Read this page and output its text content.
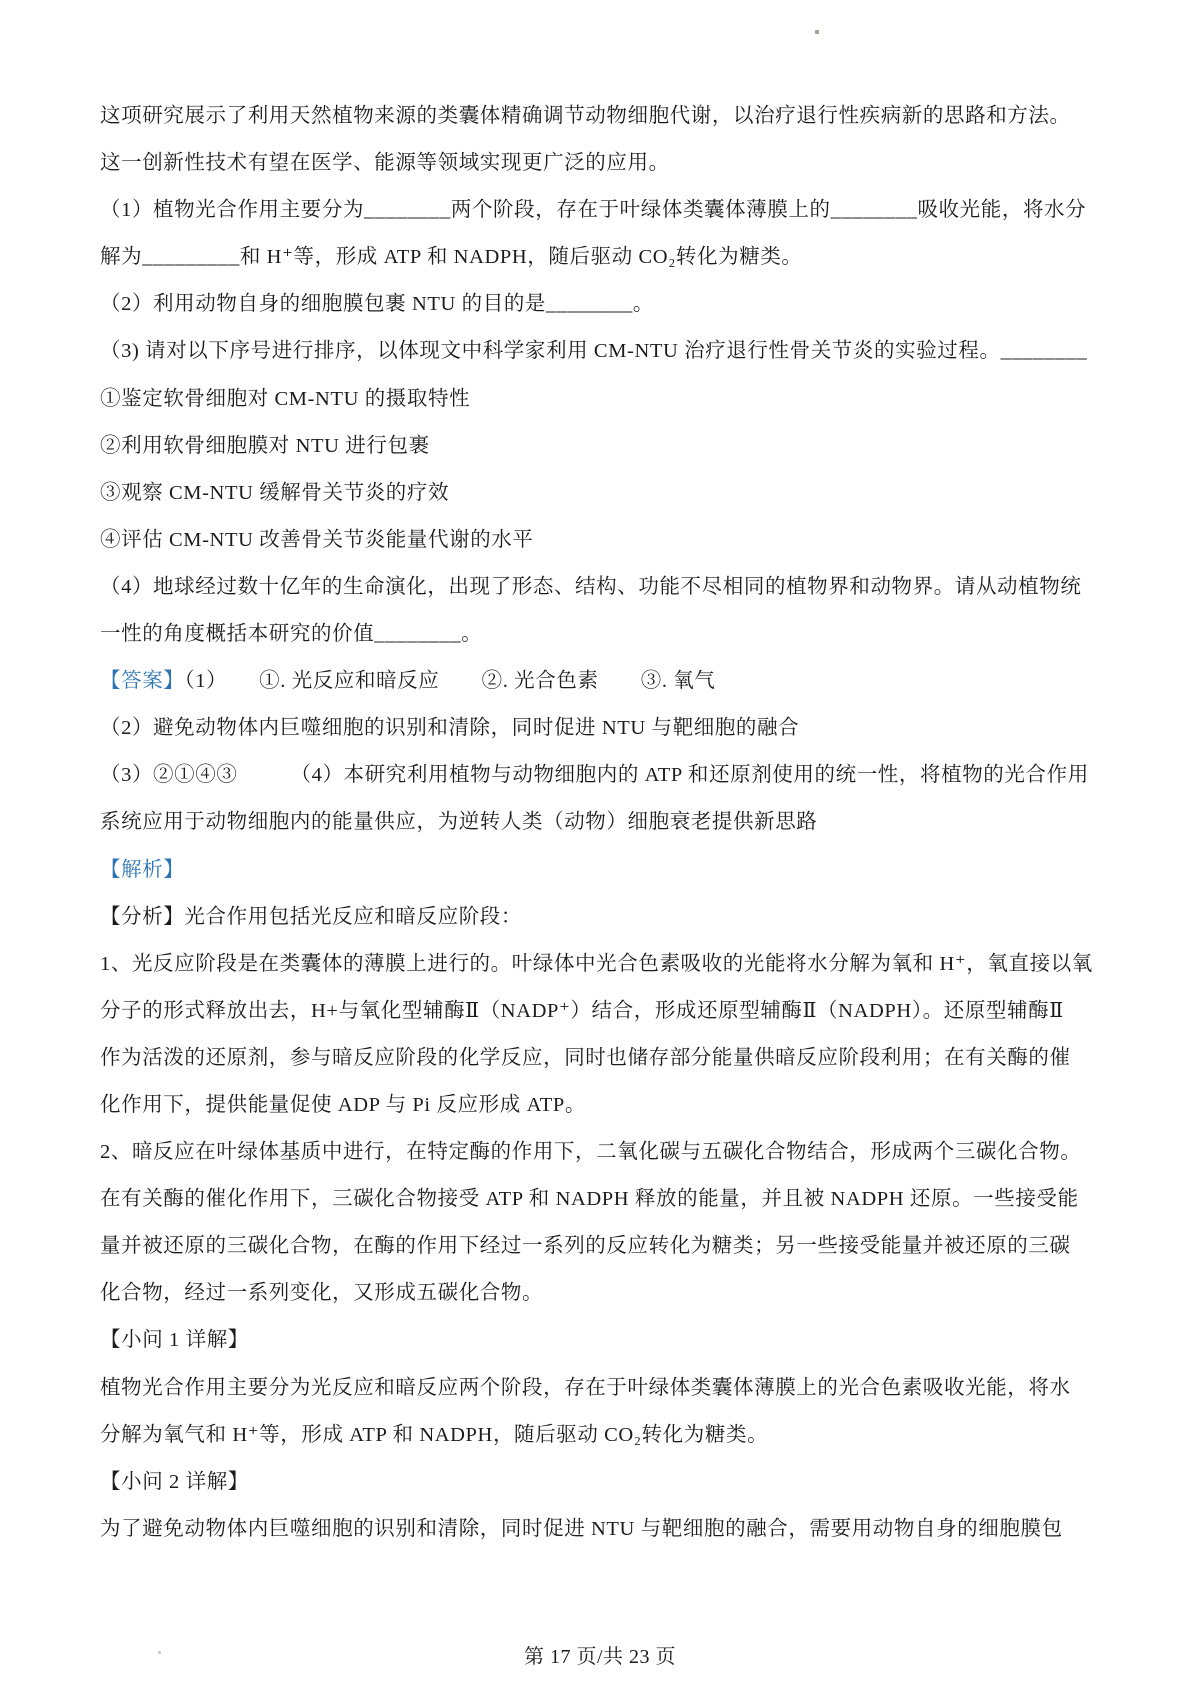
这项研究展示了利用天然植物来源的类囊体精确调节动物细胞代谢，以治疗退行性疾病新的思路和方法。

这一创新性技术有望在医学、能源等领域实现更广泛的应用。

（1）植物光合作用主要分为________两个阶段，存在于叶绿体类囊体薄膜上的________吸收光能，将水分

解为_________和 H⁺等，形成 ATP 和 NADPH，随后驱动 CO₂转化为糖类。

（2）利用动物自身的细胞膜包裹 NTU 的目的是________。

（3) 请对以下序号进行排序，以体现文中科学家利用 CM-NTU 治疗退行性骨关节炎的实验过程。________

①鉴定软骨细胞对 CM-NTU 的摄取特性

②利用软骨细胞膜对 NTU 进行包裹

③观察 CM-NTU 缓解骨关节炎的疗效

④评估 CM-NTU 改善骨关节炎能量代谢的水平

（4）地球经过数十亿年的生命演化，出现了形态、结构、功能不尽相同的植物界和动物界。请从动植物统

一性的角度概括本研究的价值________。

【答案】（1）　　①. 光反应和暗反应　　②. 光合色素　　③. 氧气

（2）避免动物体内巨噬细胞的识别和清除，同时促进 NTU 与靶细胞的融合

（3）②①④③　　　（4）本研究利用植物与动物细胞内的 ATP 和还原剂使用的统一性，将植物的光合作用

系统应用于动物细胞内的能量供应，为逆转人类（动物）细胞衰老提供新思路

【解析】

【分析】光合作用包括光反应和暗反应阶段：

1、光反应阶段是在类囊体的薄膜上进行的。叶绿体中光合色素吸收的光能将水分解为氧和 H⁺，氧直接以氧

分子的形式释放出去，H+与氧化型辅酶Ⅱ（NADP⁺）结合，形成还原型辅酶Ⅱ（NADPH）。还原型辅酶Ⅱ

作为活泼的还原剂，参与暗反应阶段的化学反应，同时也储存部分能量供暗反应阶段利用；在有关酶的催

化作用下，提供能量促使 ADP 与 Pi 反应形成 ATP。

2、暗反应在叶绿体基质中进行，在特定酶的作用下，二氧化碳与五碳化合物结合，形成两个三碳化合物。

在有关酶的催化作用下，三碳化合物接受 ATP 和 NADPH 释放的能量，并且被 NADPH 还原。一些接受能

量并被还原的三碳化合物，在酶的作用下经过一系列的反应转化为糖类；另一些接受能量并被还原的三碳

化合物，经过一系列变化，又形成五碳化合物。

【小问 1 详解】

植物光合作用主要分为光反应和暗反应两个阶段，存在于叶绿体类囊体薄膜上的光合色素吸收光能，将水

分解为氧气和 H⁺等，形成 ATP 和 NADPH，随后驱动 CO₂转化为糖类。

【小问 2 详解】

为了避免动物体内巨噬细胞的识别和清除，同时促进 NTU 与靶细胞的融合，需要用动物自身的细胞膜包

第 17 页/共 23 页
